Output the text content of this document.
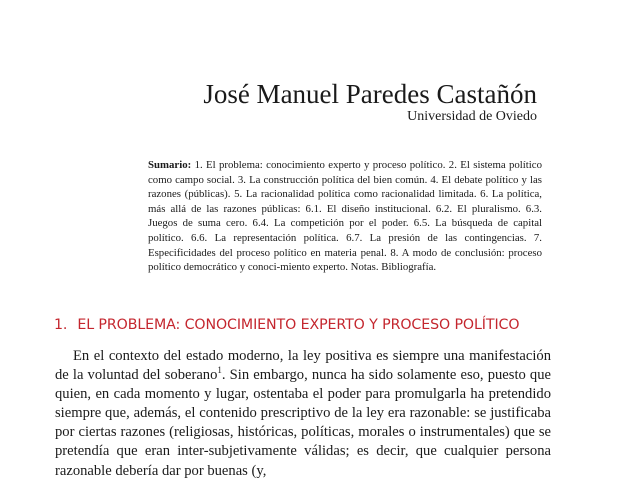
José Manuel Paredes Castañón
Universidad de Oviedo
Sumario: 1. El problema: conocimiento experto y proceso político. 2. El sistema político como campo social. 3. La construcción política del bien común. 4. El debate político y las razones (públicas). 5. La racionalidad política como racionalidad limitada. 6. La política, más allá de las razones públicas: 6.1. El diseño institucional. 6.2. El pluralismo. 6.3. Juegos de suma cero. 6.4. La competición por el poder. 6.5. La búsqueda de capital político. 6.6. La representación política. 6.7. La presión de las contingencias. 7. Especificidades del proceso político en materia penal. 8. A modo de conclusión: proceso político democrático y conoci-miento experto. Notas. Bibliografía.
1. EL PROBLEMA: CONOCIMIENTO EXPERTO Y PROCESO POLÍTICO
En el contexto del estado moderno, la ley positiva es siempre una manifestación de la voluntad del soberano$^1$. Sin embargo, nunca ha sido solamente eso, puesto que quien, en cada momento y lugar, ostentaba el poder para promulgarla ha pretendido siempre que, además, el contenido prescriptivo de la ley era razonable: se justificaba por ciertas razones (religiosas, históricas, políticas, morales o instrumentales) que se pretendía que eran inter-subjetivamente válidas; es decir, que cualquier persona razonable debería dar por buenas (y,
